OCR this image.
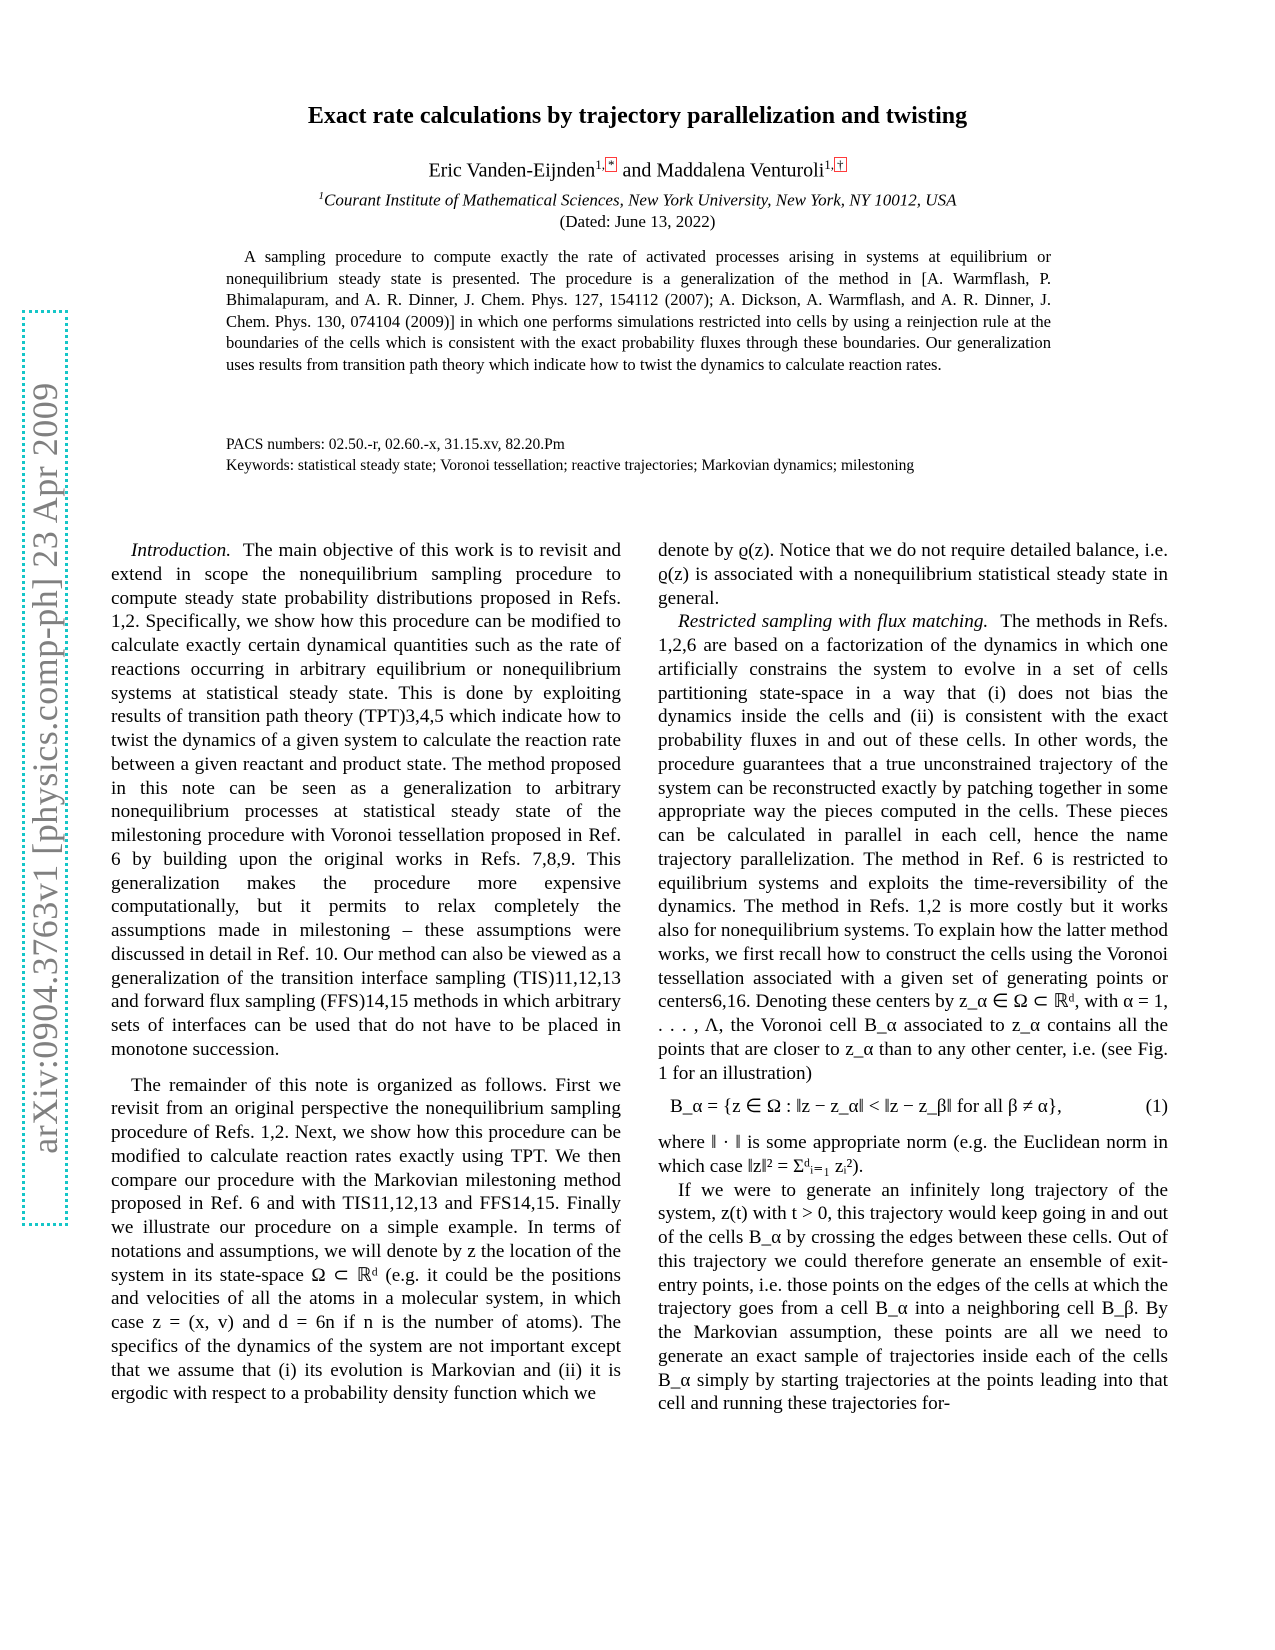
arXiv:0904.3763v1 [physics.comp-ph] 23 Apr 2009
Exact rate calculations by trajectory parallelization and twisting
Eric Vanden-Eijnden$^{1, *}$ and Maddalena Venturoli$^{1, \dagger}$
$^1$Courant Institute of Mathematical Sciences, New York University, New York, NY 10012, USA
(Dated: June 13, 2022)
A sampling procedure to compute exactly the rate of activated processes arising in systems at equilibrium or nonequilibrium steady state is presented. The procedure is a generalization of the method in [A. Warmflash, P. Bhimalapuram, and A. R. Dinner, J. Chem. Phys. 127, 154112 (2007); A. Dickson, A. Warmflash, and A. R. Dinner, J. Chem. Phys. 130, 074104 (2009)] in which one performs simulations restricted into cells by using a reinjection rule at the boundaries of the cells which is consistent with the exact probability fluxes through these boundaries. Our generalization uses results from transition path theory which indicate how to twist the dynamics to calculate reaction rates.
PACS numbers: 02.50.-r, 02.60.-x, 31.15.xv, 82.20.Pm
Keywords: statistical steady state; Voronoi tessellation; reactive trajectories; Markovian dynamics; milestoning

Introduction. The main objective of this work is to revisit and extend in scope the nonequilibrium sampling procedure to compute steady state probability distributions proposed in Refs. 1,2. Specifically, we show how this procedure can be modified to calculate exactly certain dynamical quantities such as the rate of reactions occurring in arbitrary equilibrium or nonequilibrium systems at statistical steady state. This is done by exploiting results of transition path theory (TPT)3,4,5 which indicate how to twist the dynamics of a given system to calculate the reaction rate between a given reactant and product state. The method proposed in this note can be seen as a generalization to arbitrary nonequilibrium processes at statistical steady state of the milestoning procedure with Voronoi tessellation proposed in Ref. 6 by building upon the original works in Refs. 7,8,9. This generalization makes the procedure more expensive computationally, but it permits to relax completely the assumptions made in milestoning – these assumptions were discussed in detail in Ref. 10. Our method can also be viewed as a generalization of the transition interface sampling (TIS)11,12,13 and forward flux sampling (FFS)14,15 methods in which arbitrary sets of interfaces can be used that do not have to be placed in monotone succession.

The remainder of this note is organized as follows. First we revisit from an original perspective the nonequilibrium sampling procedure of Refs. 1,2. Next, we show how this procedure can be modified to calculate reaction rates exactly using TPT. We then compare our procedure with the Markovian milestoning method proposed in Ref. 6 and with TIS11,12,13 and FFS14,15. Finally we illustrate our procedure on a simple example. In terms of notations and assumptions, we will denote by z the location of the system in its state-space Ω ⊂ ℝᵈ (e.g. it could be the positions and velocities of all the atoms in a molecular system, in which case z = (x, v) and d = 6n if n is the number of atoms). The specifics of the dynamics of the system are not important except that we assume that (i) its evolution is Markovian and (ii) it is ergodic with respect to a probability density function which we

denote by ϱ(z). Notice that we do not require detailed balance, i.e. ϱ(z) is associated with a nonequilibrium statistical steady state in general.

Restricted sampling with flux matching. The methods in Refs. 1,2,6 are based on a factorization of the dynamics in which one artificially constrains the system to evolve in a set of cells partitioning state-space in a way that (i) does not bias the dynamics inside the cells and (ii) is consistent with the exact probability fluxes in and out of these cells. In other words, the procedure guarantees that a true unconstrained trajectory of the system can be reconstructed exactly by patching together in some appropriate way the pieces computed in the cells. These pieces can be calculated in parallel in each cell, hence the name trajectory parallelization. The method in Ref. 6 is restricted to equilibrium systems and exploits the time-reversibility of the dynamics. The method in Refs. 1,2 is more costly but it works also for nonequilibrium systems. To explain how the latter method works, we first recall how to construct the cells using the Voronoi tessellation associated with a given set of generating points or centers6,16. Denoting these centers by z_α ∈ Ω ⊂ ℝᵈ, with α = 1, . . . , Λ, the Voronoi cell B_α associated to z_α contains all the points that are closer to z_α than to any other center, i.e. (see Fig. 1 for an illustration)

B_α = {z ∈ Ω : ‖z − z_α‖ < ‖z − z_β‖ for all β ≠ α},	(1)

where ‖ · ‖ is some appropriate norm (e.g. the Euclidean norm in which case ‖z‖² = Σᵈᵢ₌₁ zᵢ²).

If we were to generate an infinitely long trajectory of the system, z(t) with t > 0, this trajectory would keep going in and out of the cells B_α by crossing the edges between these cells. Out of this trajectory we could therefore generate an ensemble of exit-entry points, i.e. those points on the edges of the cells at which the trajectory goes from a cell B_α into a neighboring cell B_β. By the Markovian assumption, these points are all we need to generate an exact sample of trajectories inside each of the cells B_α simply by starting trajectories at the points leading into that cell and running these trajectories for-
